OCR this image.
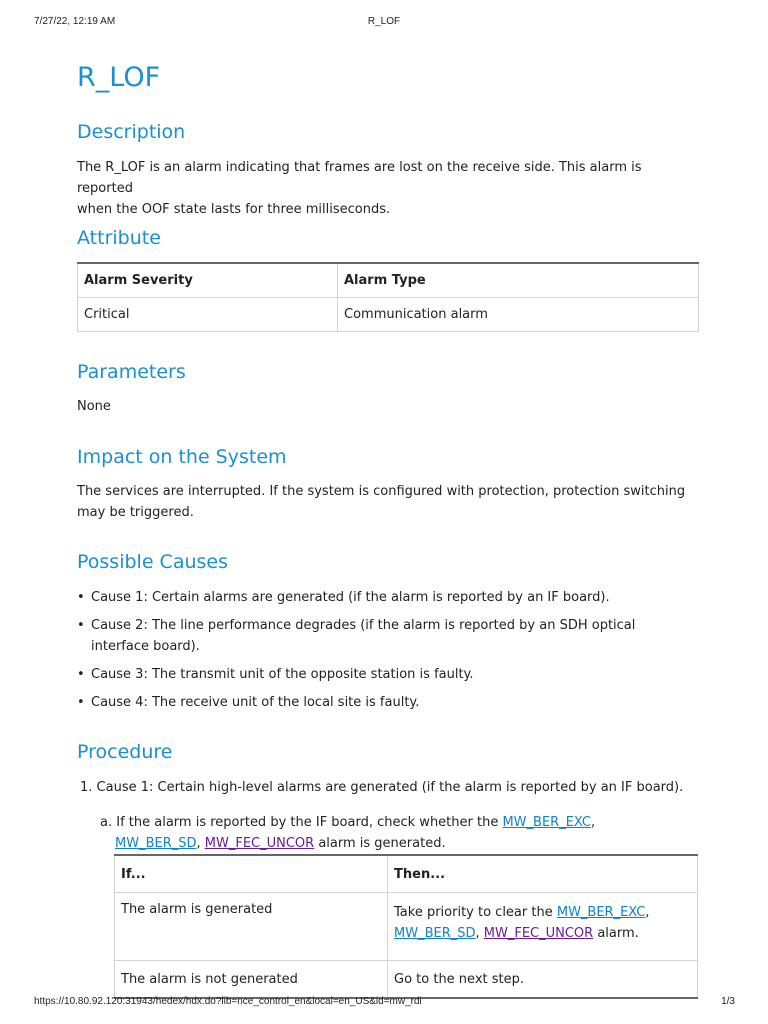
7/27/22, 12:19 AM	R_LOF
R_LOF
Description

The R_LOF is an alarm indicating that frames are lost on the receive side. This alarm is reported

when the OOF state lasts for three milliseconds.

Attribute
Alarm Severity	Alarm Type
Critical	Communication alarm
Parameters

None

Impact on the System

The services are interrupted. If the system is configured with protection, protection switching

may be triggered.

Possible Causes
• Cause 1: Certain alarms are generated (if the alarm is reported by an IF board).
• Cause 2: The line performance degrades (if the alarm is reported by an SDH optical interface board).
• Cause 3: The transmit unit of the opposite station is faulty.
• Cause 4: The receive unit of the local site is faulty.
Procedure

1. Cause 1: Certain high-level alarms are generated (if the alarm is reported by an IF board).

a. If the alarm is reported by the IF board, check whether the MW_BER_EXC, MW_BER_SD, MW_FEC_UNCOR alarm is generated.

If...	Then...
The alarm is generated	Take priority to clear the MW_BER_EXC, MW_BER_SD, MW_FEC_UNCOR alarm.
The alarm is not generated	Go to the next step.
https://10.80.92.120:31943/hedex/hdx.do?lib=nce_control_en&local=en_US&id=mw_rdi	1/3
